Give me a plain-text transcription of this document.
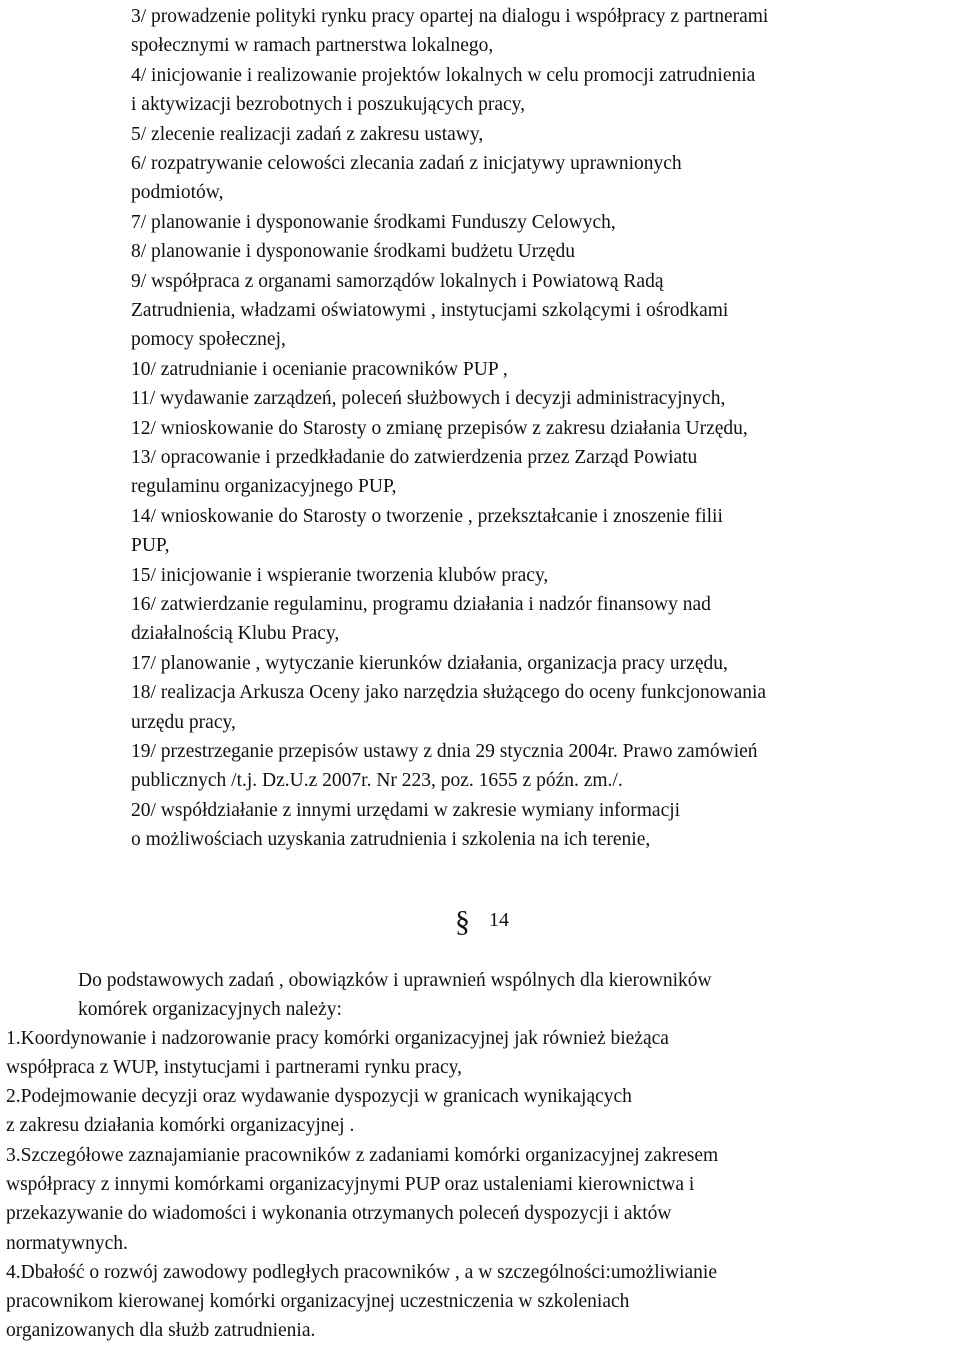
3/ prowadzenie polityki rynku pracy opartej na dialogu i współpracy z partnerami

społecznymi w ramach partnerstwa lokalnego,

4/ inicjowanie i realizowanie projektów lokalnych w celu promocji zatrudnienia

i aktywizacji bezrobotnych i poszukujących pracy,

5/ zlecenie realizacji zadań z zakresu ustawy,

6/ rozpatrywanie celowości zlecania zadań z inicjatywy uprawnionych

podmiotów,

7/ planowanie i dysponowanie środkami Funduszy Celowych,

8/ planowanie i dysponowanie środkami budżetu Urzędu

9/ współpraca z organami samorządów lokalnych i Powiatową Radą

Zatrudnienia, władzami oświatowymi , instytucjami szkolącymi i ośrodkami

pomocy społecznej,

10/ zatrudnianie i ocenianie pracowników PUP ,

11/ wydawanie zarządzeń, poleceń służbowych i decyzji administracyjnych,

12/ wnioskowanie do Starosty o zmianę przepisów z zakresu działania Urzędu,

13/ opracowanie i przedkładanie do zatwierdzenia przez Zarząd Powiatu

regulaminu organizacyjnego PUP,

14/ wnioskowanie do Starosty o tworzenie , przekształcanie i znoszenie filii

PUP,

15/ inicjowanie i wspieranie tworzenia klubów pracy,

16/ zatwierdzanie regulaminu, programu działania i nadzór finansowy nad

działalnością Klubu Pracy,

17/ planowanie , wytyczanie kierunków działania, organizacja pracy urzędu,

18/ realizacja Arkusza Oceny jako narzędzia służącego do oceny funkcjonowania

urzędu pracy,

19/ przestrzeganie przepisów ustawy z dnia 29 stycznia 2004r. Prawo zamówień

publicznych /t.j. Dz.U.z 2007r. Nr 223, poz. 1655 z późn. zm./.

20/ współdziałanie z innymi urzędami w zakresie wymiany informacji

o możliwościach uzyskania zatrudnienia i szkolenia na ich terenie,

§ 14

Do podstawowych zadań , obowiązków i uprawnień wspólnych dla kierowników

komórek organizacyjnych należy:

1.Koordynowanie i nadzorowanie pracy komórki organizacyjnej jak również bieżąca

współpraca z WUP, instytucjami i partnerami rynku pracy,

2.Podejmowanie decyzji oraz wydawanie dyspozycji w granicach wynikających

z zakresu działania komórki organizacyjnej .

3.Szczegółowe zaznajamianie pracowników z zadaniami komórki organizacyjnej zakresem

współpracy z innymi komórkami organizacyjnymi PUP oraz ustaleniami kierownictwa i

przekazywanie do wiadomości i wykonania otrzymanych poleceń dyspozycji i aktów

normatywnych.

4.Dbałość o rozwój zawodowy podległych pracowników , a w szczególności:umożliwianie

pracownikom kierowanej komórki organizacyjnej uczestniczenia w szkoleniach

organizowanych dla służb zatrudnienia.
